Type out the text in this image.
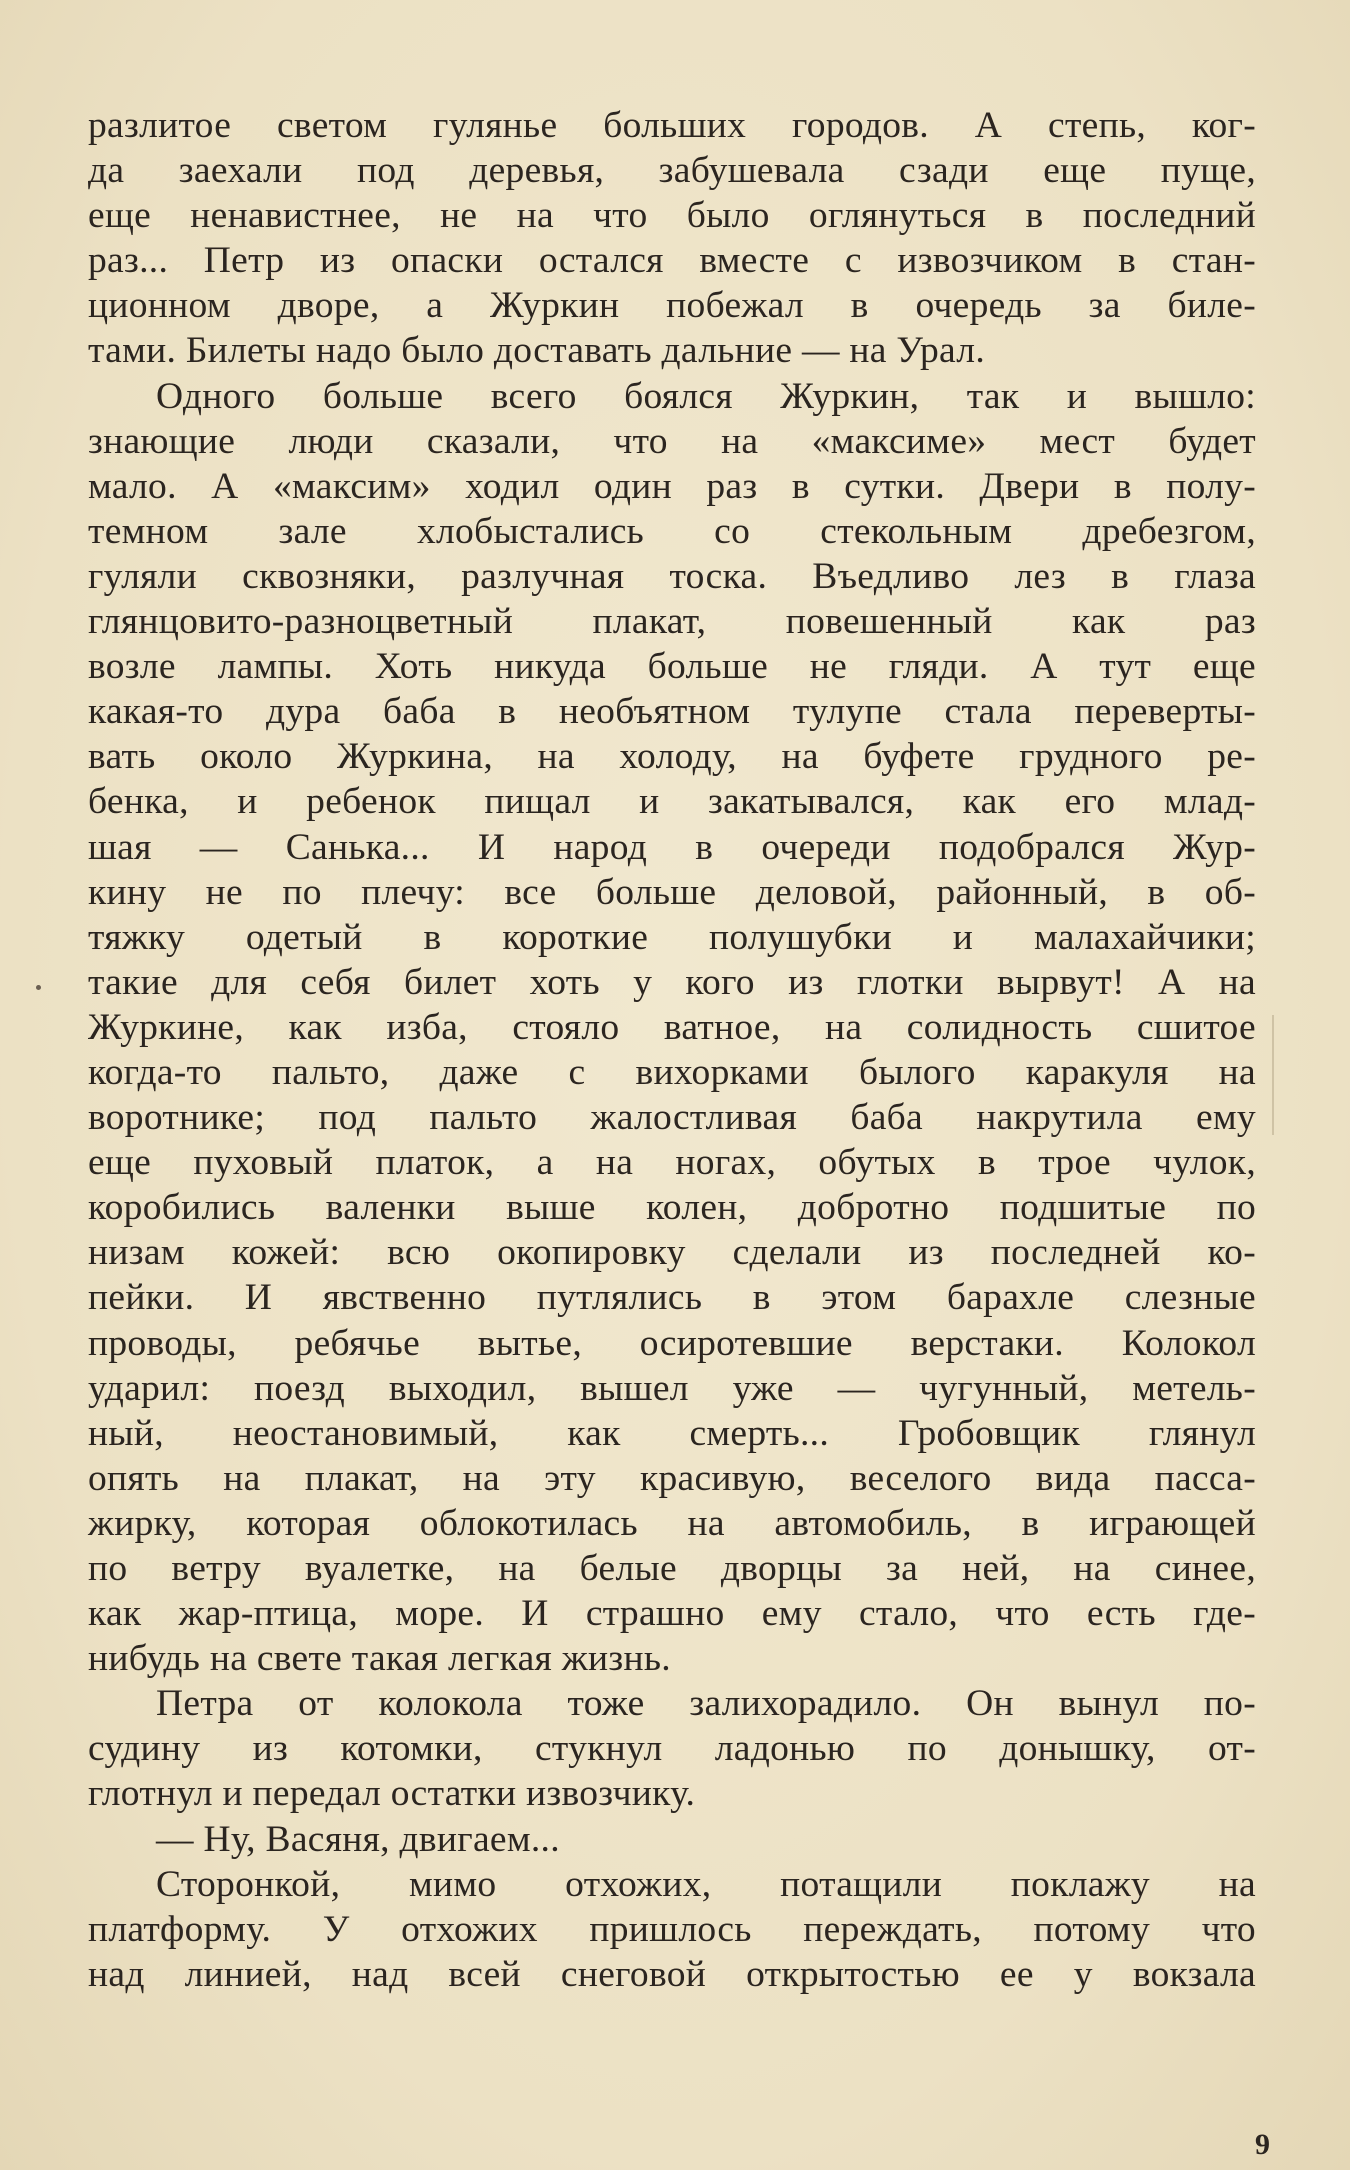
разлитое светом гулянье больших городов. А степь, ког-
да заехали под деревья, забушевала сзади еще пуще,
еще ненавистнее, не на что было оглянуться в последний
раз... Петр из опаски остался вместе с извозчиком в стан-
ционном дворе, а Журкин побежал в очередь за биле-
тами. Билеты надо было доставать дальние — на Урал.
Одного больше всего боялся Журкин, так и вышло:
знающие люди сказали, что на «максиме» мест будет
мало. А «максим» ходил один раз в сутки. Двери в полу-
темном зале хлобыстались со стекольным дребезгом,
гуляли сквозняки, разлучная тоска. Въедливо лез в глаза
глянцовито-разноцветный плакат, повешенный как раз
возле лампы. Хоть никуда больше не гляди. А тут еще
какая-то дура баба в необъятном тулупе стала переверты-
вать около Журкина, на холоду, на буфете грудного ре-
бенка, и ребенок пищал и закатывался, как его млад-
шая — Санька... И народ в очереди подобрался Жур-
кину не по плечу: все больше деловой, районный, в об-
тяжку одетый в короткие полушубки и малахайчики;
такие для себя билет хоть у кого из глотки вырвут! А на
Журкине, как изба, стояло ватное, на солидность сшитое
когда-то пальто, даже с вихорками былого каракуля на
воротнике; под пальто жалостливая баба накрутила ему
еще пуховый платок, а на ногах, обутых в трое чулок,
коробились валенки выше колен, добротно подшитые по
низам кожей: всю окопировку сделали из последней ко-
пейки. И явственно путлялись в этом барахле слезные
проводы, ребячье вытье, осиротевшие верстаки. Колокол
ударил: поезд выходил, вышел уже — чугунный, метель-
ный, неостановимый, как смерть... Гробовщик глянул
опять на плакат, на эту красивую, веселого вида пасса-
жирку, которая облокотилась на автомобиль, в играющей
по ветру вуалетке, на белые дворцы за ней, на синее,
как жар-птица, море. И страшно ему стало, что есть где-
нибудь на свете такая легкая жизнь.
Петра от колокола тоже залихорадило. Он вынул по-
судину из котомки, стукнул ладонью по донышку, от-
глотнул и передал остатки извозчику.
— Ну, Васяня, двигаем...
Сторонкой, мимо отхожих, потащили поклажу на
платформу. У отхожих пришлось переждать, потому что
над линией, над всей снеговой открытостью ее у вокзала
9
